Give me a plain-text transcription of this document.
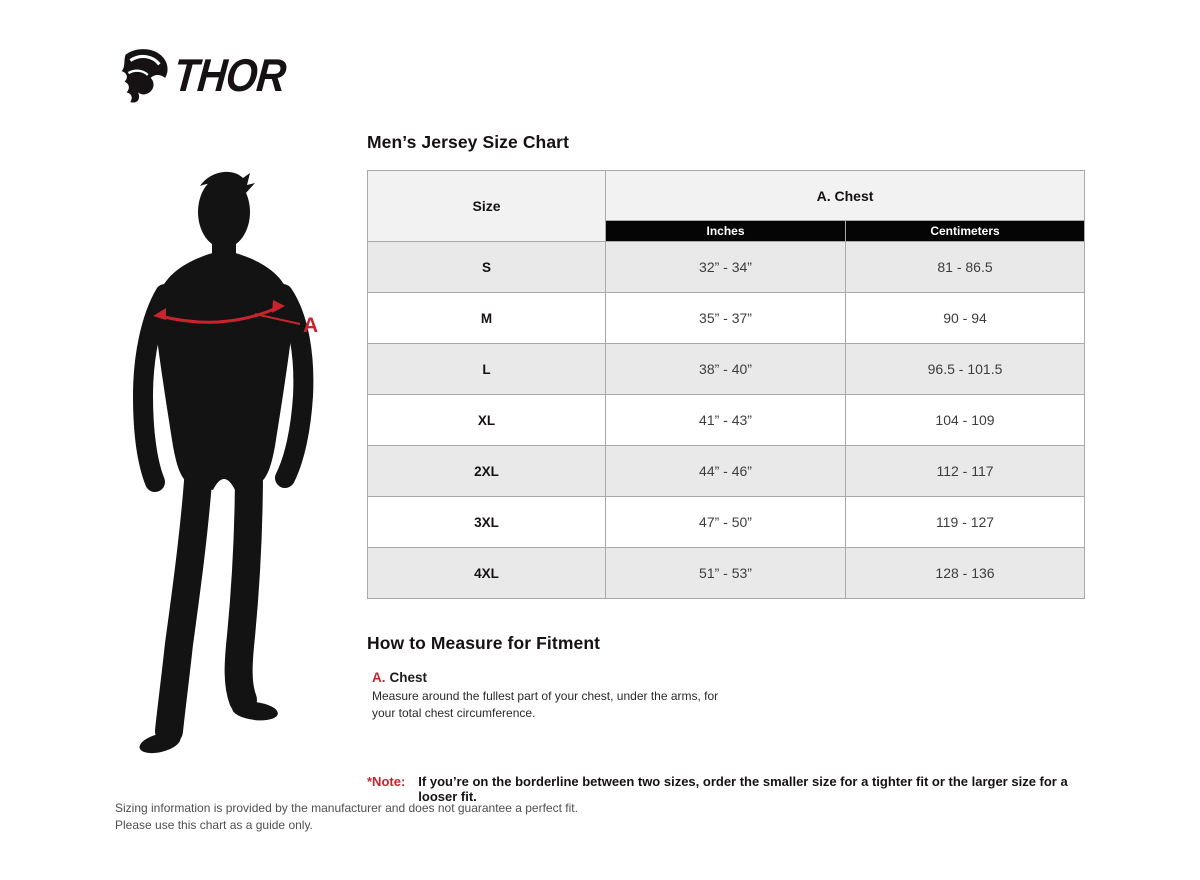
THOR
A
Men’s Jersey Size Chart
Size	A. Chest	
	Inches	Centimeters
S	32” - 34”	81 - 86.5
M	35” - 37”	90 - 94
L	38” - 40”	96.5 - 101.5
XL	41” - 43”	104 - 109
2XL	44” - 46”	112 - 117
3XL	47” - 50”	119 - 127
4XL	51” - 53”	128 - 136
How to Measure for Fitment
A. Chest
Measure around the fullest part of your chest, under the arms, for your total chest circumference.
*Note: If you’re on the borderline between two sizes, order the smaller size for a tighter fit or the larger size for a looser fit.
Sizing information is provided by the manufacturer and does not guarantee a perfect fit.
Please use this chart as a guide only.
